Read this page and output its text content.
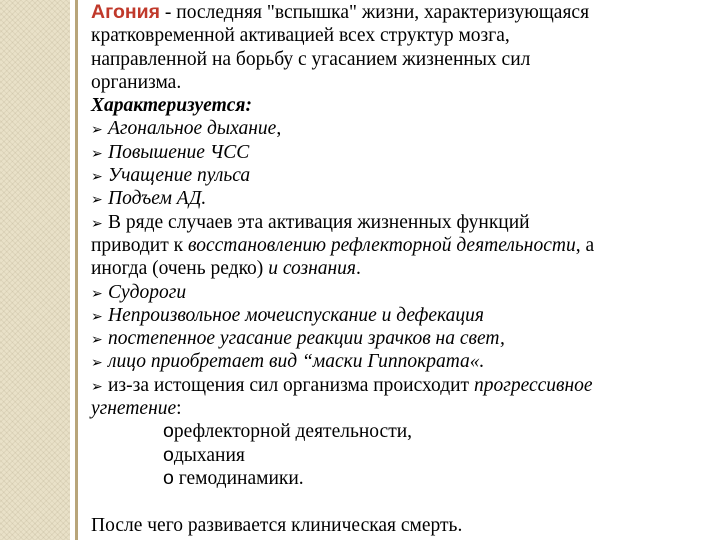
Агония - последняя "вспышка" жизни, характеризующаяся
кратковременной активацией всех структур мозга,
направленной на борьбу с угасанием жизненных сил
организма.
Характеризуется:
➢ Агональное дыхание,
➢ Повышение ЧСС
➢ Учащение пульса
➢ Подъем АД.
➢ В ряде случаев эта активация жизненных функций
приводит к восстановлению рефлекторной деятельности, а
иногда (очень редко) и сознания.
➢ Судороги
➢ Непроизвольное мочеиспускание и дефекация
➢ постепенное угасание реакции зрачков на свет,
➢ лицо приобретает вид “маски Гиппократа«.
➢ из-за истощения сил организма происходит прогрессивное
угнетение:
oрефлекторной деятельности,
oдыхания
o гемодинамики.
После чего развивается клиническая смерть.
